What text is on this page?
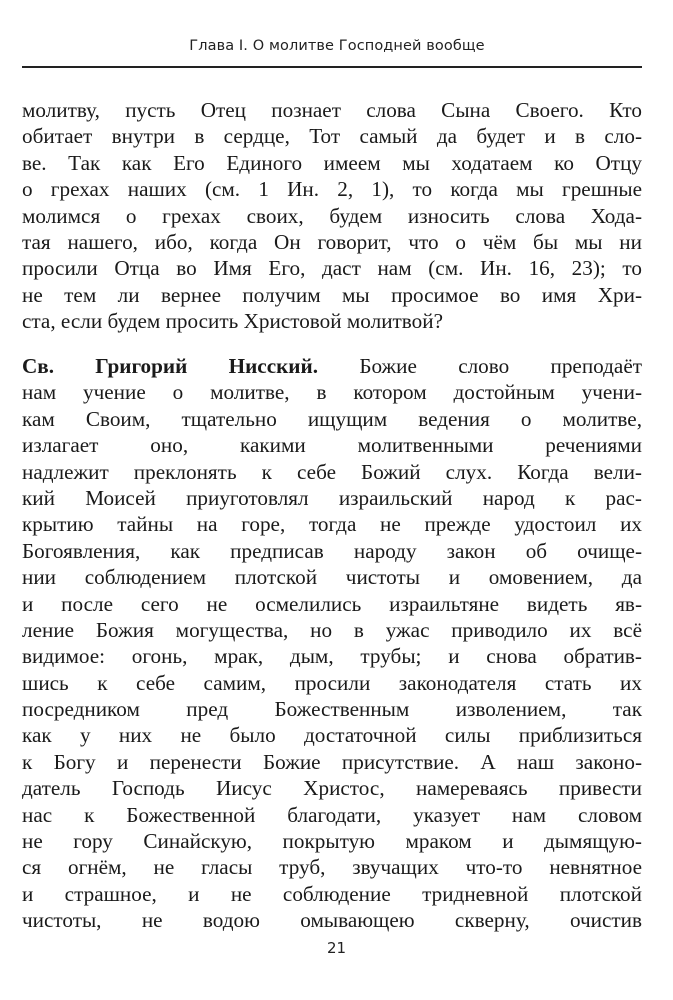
Глава I. О молитве Господней вообще
молитву, пусть Отец познает слова Сына Своего. Кто
обитает внутри в сердце, Тот самый да будет и в сло-
ве. Так как Его Единого имеем мы ходатаем ко Отцу
о грехах наших (см. 1 Ин. 2, 1), то когда мы грешные
молимся о грехах своих, будем износить слова Хода-
тая нашего, ибо, когда Он говорит, что о чём бы мы ни
просили Отца во Имя Его, даст нам (см. Ин. 16, 23); то
не тем ли вернее получим мы просимое во имя Хри-
ста, если будем просить Христовой молитвой?
Св. Григорий Нисский. Божие слово преподаёт
нам учение о молитве, в котором достойным учени-
кам Своим, тщательно ищущим ведения о молитве,
излагает оно, какими молитвенными речениями
надлежит преклонять к себе Божий слух. Когда вели-
кий Моисей приуготовлял израильский народ к рас-
крытию тайны на горе, тогда не прежде удостоил их
Богоявления, как предписав народу закон об очище-
нии соблюдением плотской чистоты и омовением, да
и после сего не осмелились израильтяне видеть яв-
ление Божия могущества, но в ужас приводило их всё
видимое: огонь, мрак, дым, трубы; и снова обратив-
шись к себе самим, просили законодателя стать их
посредником пред Божественным изволением, так
как у них не было достаточной силы приблизиться
к Богу и перенести Божие присутствие. А наш законо-
датель Господь Иисус Христос, намереваясь привести
нас к Божественной благодати, указует нам словом
не гору Синайскую, покрытую мраком и дымящую-
ся огнём, не гласы труб, звучащих что-то невнятное
и страшное, и не соблюдение тридневной плотской
чистоты, не водою омывающею скверну, очистив
21
